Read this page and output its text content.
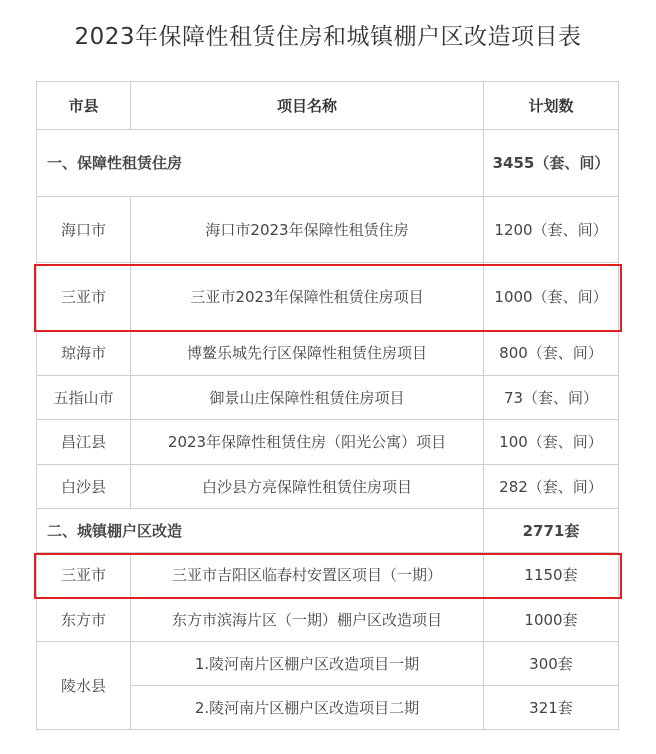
2023年保障性租赁住房和城镇棚户区改造项目表
市县	项目名称	计划数
一、保障性租赁住房		3455（套、间）
海口市	海口市2023年保障性租赁住房	1200（套、间）
三亚市	三亚市2023年保障性租赁住房项目	1000（套、间）
琼海市	博鳌乐城先行区保障性租赁住房项目	800（套、间）
五指山市	御景山庄保障性租赁住房项目	73（套、间）
昌江县	2023年保障性租赁住房（阳光公寓）项目	100（套、间）
白沙县	白沙县方亮保障性租赁住房项目	282（套、间）
二、城镇棚户区改造		2771套
三亚市	三亚市吉阳区临春村安置区项目（一期）	1150套
东方市	东方市滨海片区（一期）棚户区改造项目	1000套
陵水县	1.陵河南片区棚户区改造项目一期	300套
	2.陵河南片区棚户区改造项目二期	321套
